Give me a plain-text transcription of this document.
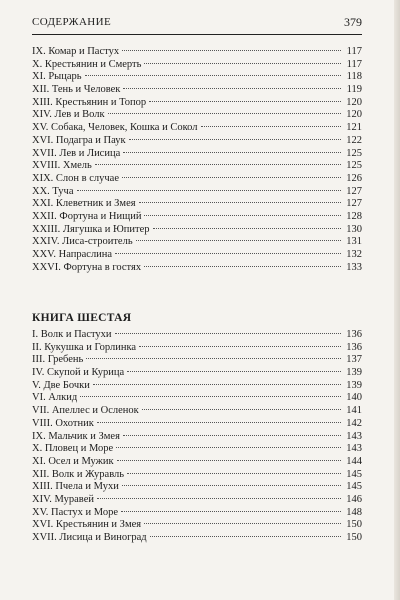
СОДЕРЖАНИЕ	379
IX. Комар и Пастух	117
X. Крестьянин и Смерть	117
XI. Рыцарь	118
XII. Тень и Человек	119
XIII. Крестьянин и Топор	120
XIV. Лев и Волк	120
XV. Собака, Человек, Кошка и Сокол	121
XVI. Подагра и Паук	122
XVII. Лев и Лисица	125
XVIII. Хмель	125
XIX. Слон в случае	126
XX. Туча	127
XXI. Клеветник и Змея	127
XXII. Фортуна и Нищий	128
XXIII. Лягушка и Юпитер	130
XXIV. Лиса-строитель	131
XXV. Напраслина	132
XXVI. Фортуна в гостях	133
КНИГА ШЕСТАЯ
I. Волк и Пастухи	136
II. Кукушка и Горлинка	136
III. Гребень	137
IV. Скупой и Курица	139
V. Две Бочки	139
VI. Алкид	140
VII. Апеллес и Осленок	141
VIII. Охотник	142
IX. Мальчик и Змея	143
X. Пловец и Море	143
XI. Осел и Мужик	144
XII. Волк и Журавль	145
XIII. Пчела и Мухи	145
XIV. Муравей	146
XV. Пастух и Море	148
XVI. Крестьянин и Змея	150
XVII. Лисица и Виноград	150
